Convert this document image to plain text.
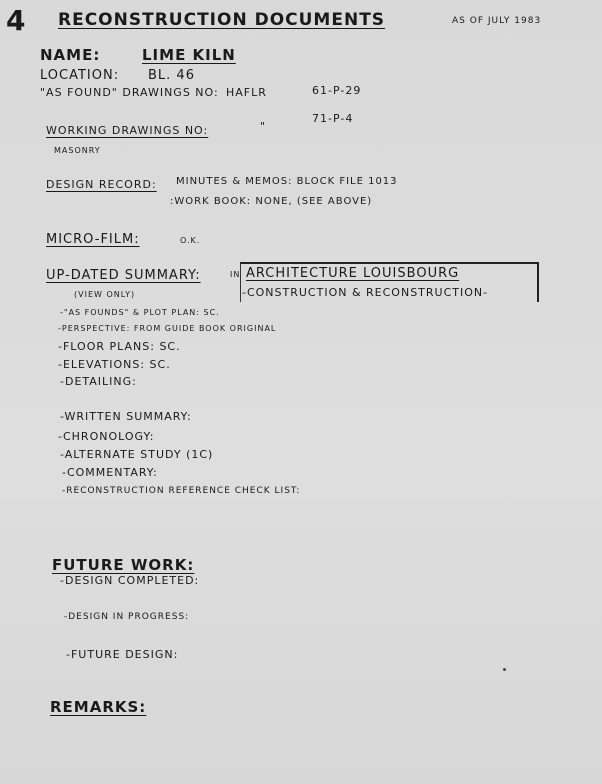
4 RECONSTRUCTION DOCUMENTS	AS OF JULY 1983
NAME:	LIME KILN
LOCATION: BL. 46
"AS FOUND" DRAWINGS NO: HAFLR	61-P-29
WORKING DRAWINGS NO:	"
71-P-4
MASONRY
DESIGN RECORD: MINUTES & MEMOS: BLOCK FILE 1013
:WORK BOOK: NONE, (SEE ABOVE)
MICRO-FILM:	O.K.
UP-DATED SUMMARY:	IN ARCHITECTURE LOUISBOURG
-CONSTRUCTION & RECONSTRUCTION-
(VIEW ONLY)
-"AS FOUNDS" & PLOT PLAN: SC.
-PERSPECTIVE: FROM GUIDE BOOK ORIGINAL
-FLOOR PLANS: SC.
-ELEVATIONS: SC.
-DETAILING:
-WRITTEN SUMMARY:
-CHRONOLOGY:
-ALTERNATE STUDY (1C)
-COMMENTARY:
-RECONSTRUCTION REFERENCE CHECK LIST:
FUTURE WORK:
-DESIGN COMPLETED:
-DESIGN IN PROGRESS:
-FUTURE DESIGN:
REMARKS:
